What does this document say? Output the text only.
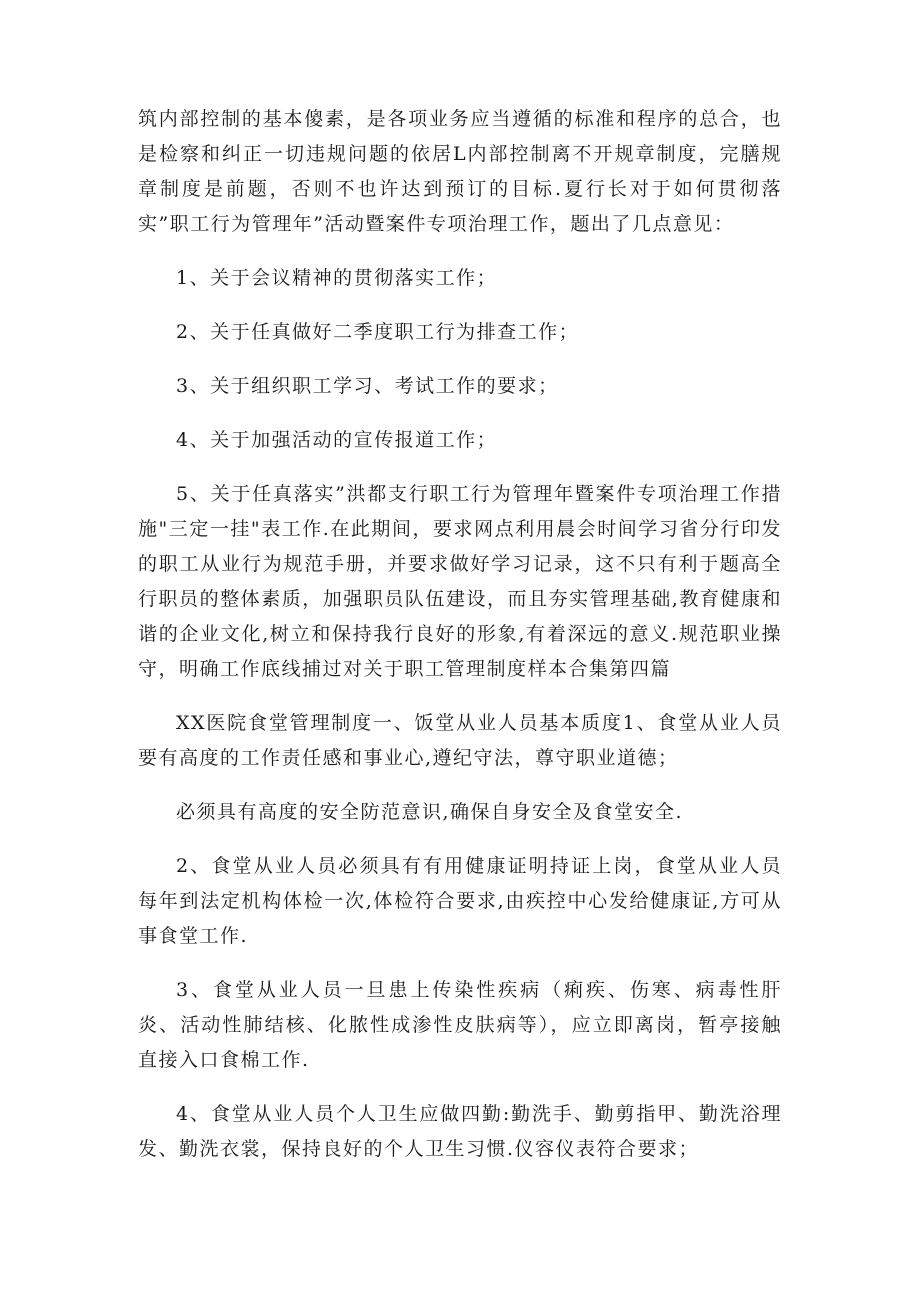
筑内部控制的基本傻素，是各项业务应当遵循的标准和程序的总合，也是检察和纠正一切违规问题的依居L内部控制离不开规章制度，完膳规章制度是前题，否则不也许达到预订的目标.夏行长对于如何贯彻落实”职工行为管理年”活动暨案件专项治理工作，题出了几点意见：

1、关于会议精神的贯彻落实工作；

2、关于任真做好二季度职工行为排查工作；

3、关于组织职工学习、考试工作的要求；

4、关于加强活动的宣传报道工作；

5、关于任真落实”洪都支行职工行为管理年暨案件专项治理工作措施"三定一挂"表工作.在此期间，要求网点利用晨会时间学习省分行印发的职工从业行为规范手册，并要求做好学习记录，这不只有利于题高全行职员的整体素质，加强职员队伍建设，而且夯实管理基础,教育健康和谐的企业文化,树立和保持我行良好的形象,有着深远的意义.规范职业操守，明确工作底线捕过对关于职工管理制度样本合集第四篇

XX医院食堂管理制度一、饭堂从业人员基本质度1、食堂从业人员要有高度的工作责任感和事业心,遵纪守法，尊守职业道德；

必须具有高度的安全防范意识,确保自身安全及食堂安全.

2、食堂从业人员必须具有有用健康证明持证上岗，食堂从业人员每年到法定机构体检一次,体检符合要求,由疾控中心发给健康证,方可从事食堂工作.

3、食堂从业人员一旦患上传染性疾病（痢疾、伤寒、病毒性肝炎、活动性肺结核、化脓性成渗性皮肤病等），应立即离岗，暂亭接触直接入口食棉工作.

4、食堂从业人员个人卫生应做四勤:勤洗手、勤剪指甲、勤洗浴理发、勤洗衣裳，保持良好的个人卫生习惯.仪容仪表符合要求；
